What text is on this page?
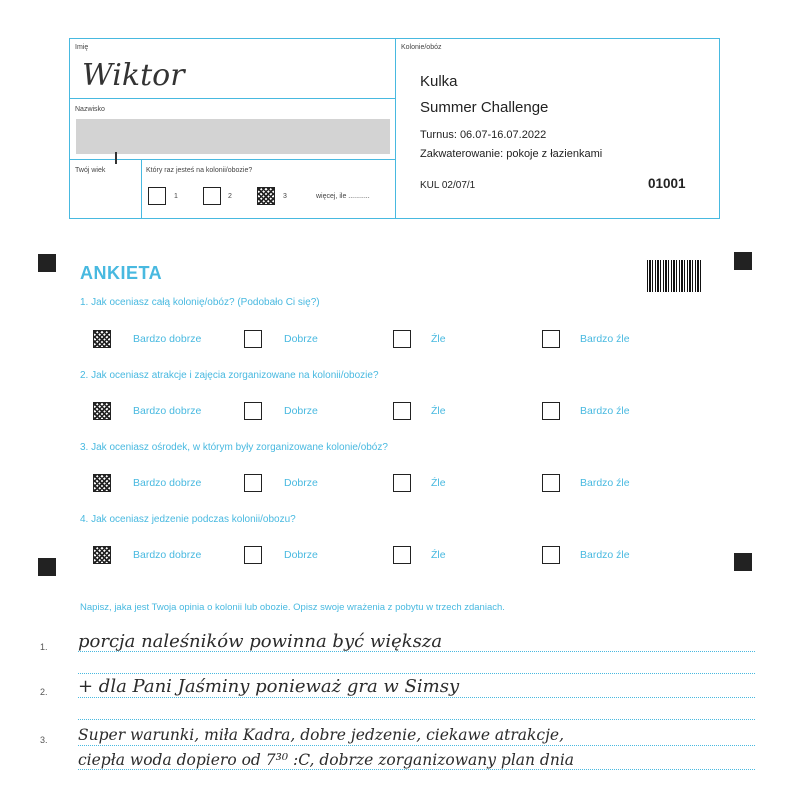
Imię
Wiktor
Nazwisko
Twój wiek	Który raz jesteś na kolonii/obozie?
1	2	3	więcej, ile ...........
Kolonie/obóz
Kulka
Summer Challenge
Turnus: 06.07-16.07.2022
Zakwaterowanie: pokoje z łazienkami
KUL 02/07/1	01001
ANKIETA
1. Jak oceniasz całą kolonię/obóz? (Podobało Ci się?)
Bardzo dobrze	Dobrze	Źle	Bardzo źle
2. Jak oceniasz atrakcje i zajęcia zorganizowane na kolonii/obozie?
Bardzo dobrze	Dobrze	Źle	Bardzo źle
3. Jak oceniasz ośrodek, w którym były zorganizowane kolonie/obóz?
Bardzo dobrze	Dobrze	Źle	Bardzo źle
4. Jak oceniasz jedzenie podczas kolonii/obozu?
Bardzo dobrze	Dobrze	Źle	Bardzo źle
Napisz, jaka jest Twoja opinia o kolonii lub obozie. Opisz swoje wrażenia z pobytu w trzech zdaniach.
1. porcja naleśników powinna być większa
2. + dla Pani Jaśminy ponieważ gra w Simsy
3. Super warunki, miła Kadra, dobre jedzenie, ciekawe atrakcje,
ciepła woda dopiero od 7³⁰ :C, dobrze zorganizowany plan dnia
